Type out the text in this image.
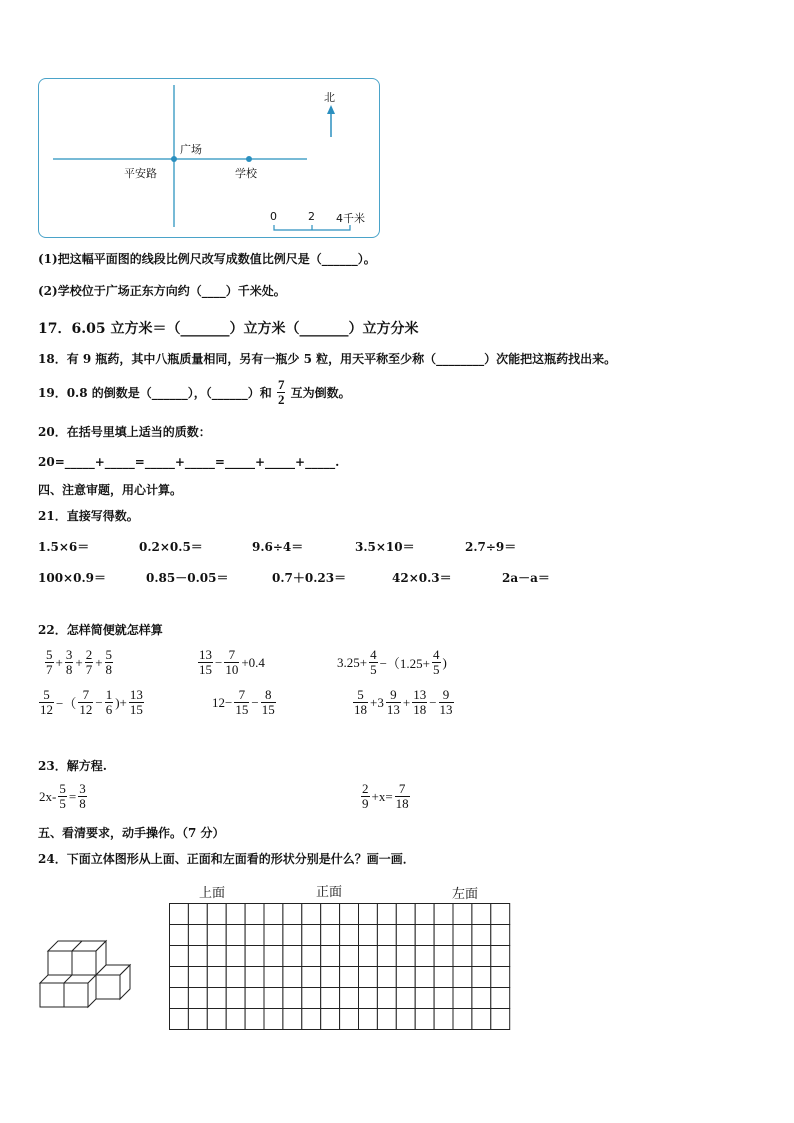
北
广场
平安路	学校
0	2 4千米
(1)把这幅平面图的线段比例尺改写成数值比例尺是（______）。
(2)学校位于广场正东方向约（____）千米处。
17．6.05 立方米＝（_______）立方米（_______）立方分米
18．有 9 瓶药，其中八瓶质量相同，另有一瓶少 5 粒，用天平称至少称（________）次能把这瓶药找出来。
19．0.8 的倒数是（______），（______）和 $\frac{7}{2}$ 互为倒数。
20．在括号里填上适当的质数：
20=_____+_____=_____+_____=_____+_____+_____.
四、注意审题，用心计算。
21．直接写得数。
1.5×6＝	0.2×0.5＝	9.6÷4＝	3.5×10＝	2.7÷9＝
100×0.9＝	0.85－0.05＝	0.7＋0.23＝	42×0.3＝	2a－a＝
22．怎样简便就怎样算
$\frac{5}{7} + \frac{3}{8} + \frac{2}{7} + \frac{5}{8}$	$\frac{13}{15} - \frac{7}{10} +0.4$	$3.25+ \frac{4}{5} -(1.25+ \frac{4}{5}$ )
$\frac{5}{12}$ −（ $\frac{7}{12} - \frac{1}{6}$ )+ $\frac{13}{15}$	$12- \frac{7}{15} - \frac{8}{15}$	$\frac{5}{18} +3 \frac{9}{13} + \frac{13}{18} - \frac{9}{13}$
23．解方程.
$2x- \frac{5}{5} = \frac{3}{8}$	$\frac{2}{9} +x= \frac{7}{18}$
五、看清要求，动手操作。（7 分）
24．下面立体图形从上面、正面和左面看的形状分别是什么？画一画．
上面	正面	左面
